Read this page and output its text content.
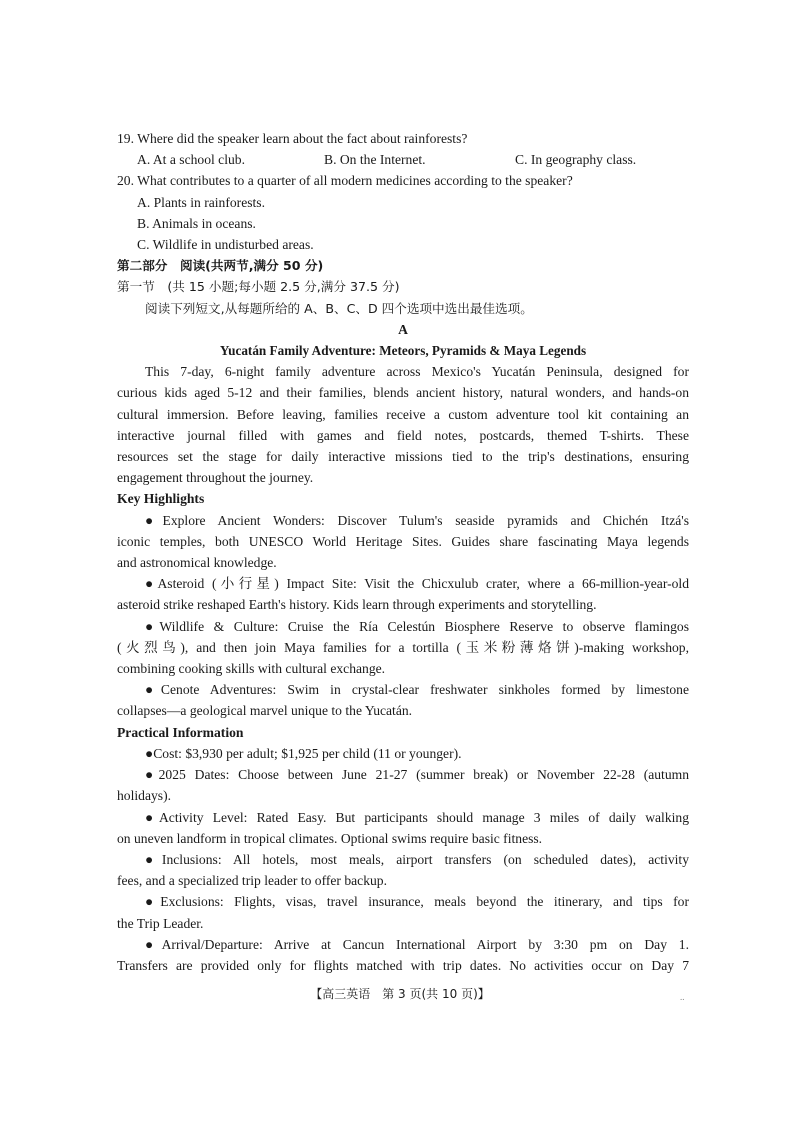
19. Where did the speaker learn about the fact about rainforests?
A. At a school club.	B. On the Internet.	C. In geography class.
20. What contributes to a quarter of all modern medicines according to the speaker?
A. Plants in rainforests.
B. Animals in oceans.
C. Wildlife in undisturbed areas.
第二部分　阅读(共两节,满分 50 分)
第一节　(共 15 小题;每小题 2.5 分,满分 37.5 分)
阅读下列短文,从每题所给的 A、B、C、D 四个选项中选出最佳选项。
A
Yucatán Family Adventure: Meteors, Pyramids & Maya Legends
This 7-day, 6-night family adventure across Mexico's Yucatán Peninsula, designed for
curious kids aged 5-12 and their families, blends ancient history, natural wonders, and hands-on
cultural immersion. Before leaving, families receive a custom adventure tool kit containing an
interactive journal filled with games and field notes, postcards, themed T-shirts. These
resources set the stage for daily interactive missions tied to the trip's destinations, ensuring
engagement throughout the journey.
Key Highlights
●Explore Ancient Wonders: Discover Tulum's seaside pyramids and Chichén Itzá's
iconic temples, both UNESCO World Heritage Sites. Guides share fascinating Maya legends
and astronomical knowledge.
●Asteroid (小行星) Impact Site: Visit the Chicxulub crater, where a 66-million-year-old
asteroid strike reshaped Earth's history. Kids learn through experiments and storytelling.
●Wildlife & Culture: Cruise the Ría Celestún Biosphere Reserve to observe flamingos
(火烈鸟), and then join Maya families for a tortilla (玉米粉薄烙饼)-making workshop,
combining cooking skills with cultural exchange.
●Cenote Adventures: Swim in crystal-clear freshwater sinkholes formed by limestone
collapses—a geological marvel unique to the Yucatán.
Practical Information
●Cost: $3,930 per adult; $1,925 per child (11 or younger).
●2025 Dates: Choose between June 21-27 (summer break) or November 22-28 (autumn
holidays).
●Activity Level: Rated Easy. But participants should manage 3 miles of daily walking
on uneven landform in tropical climates. Optional swims require basic fitness.
●Inclusions: All hotels, most meals, airport transfers (on scheduled dates), activity
fees, and a specialized trip leader to offer backup.
●Exclusions: Flights, visas, travel insurance, meals beyond the itinerary, and tips for
the Trip Leader.
●Arrival/Departure: Arrive at Cancun International Airport by 3:30 pm on Day 1.
Transfers are provided only for flights matched with trip dates. No activities occur on Day 7
【高三英语　第 3 页(共 10 页)】	..
